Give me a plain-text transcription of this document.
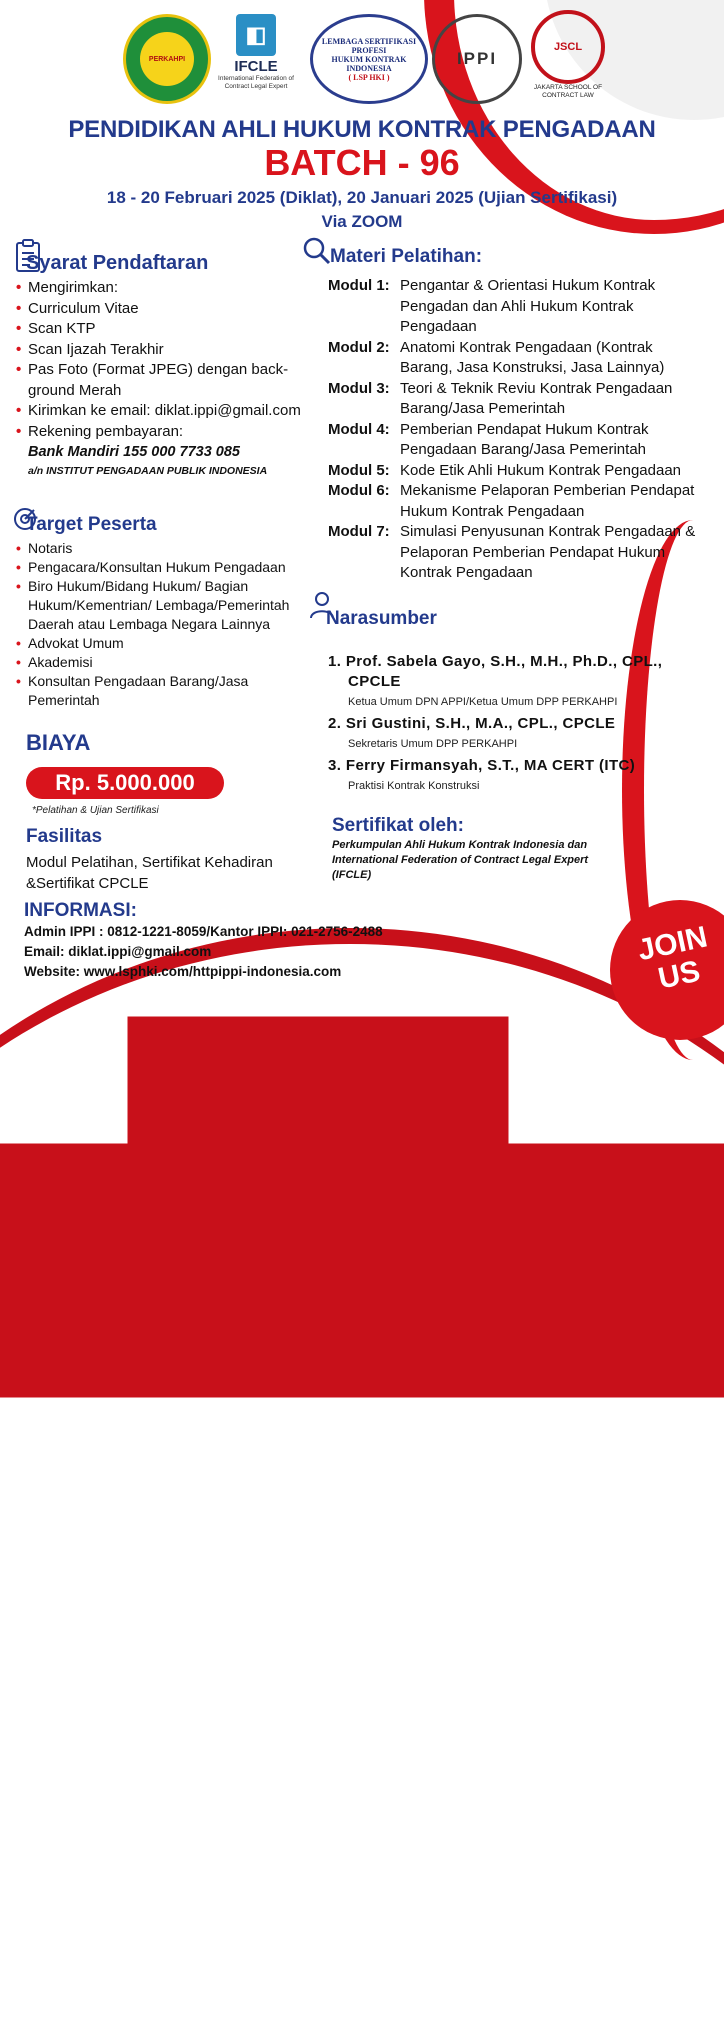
PERKAHPI
◧
IFCLE
International Federation of Contract Legal Expert
LEMBAGA SERTIFIKASI PROFESI
HUKUM KONTRAK INDONESIA
( LSP HKI )
IPPI
JSCL
JAKARTA SCHOOL OF CONTRACT LAW
PENDIDIKAN AHLI HUKUM KONTRAK PENGADAAN
BATCH - 96
18 - 20 Februari 2025 (Diklat), 20 Januari 2025 (Ujian Sertifikasi)
Via ZOOM
Syarat Pendaftaran
• Mengirimkan:
• Curriculum Vitae
• Scan KTP
• Scan Ijazah Terakhir
• Pas Foto (Format JPEG) dengan back-ground Merah
• Kirimkan ke email: diklat.ippi@gmail.com
• Rekening pembayaran:
Bank Mandiri 155 000 7733 085
a/n INSTITUT PENGADAAN PUBLIK INDONESIA
Target Peserta
• Notaris
• Pengacara/Konsultan Hukum Pengadaan
• Biro Hukum/Bidang Hukum/ Bagian Hukum/Kementrian/ Lembaga/Pemerintah Daerah atau Lembaga Negara Lainnya
• Advokat Umum
• Akademisi
• Konsultan Pengadaan Barang/Jasa Pemerintah
BIAYA
Rp. 5.000.000
*Pelatihan & Ujian Sertifikasi
Fasilitas
Modul Pelatihan, Sertifikat Kehadiran &Sertifikat CPCLE
Materi Pelatihan:
Modul 1: Pengantar & Orientasi Hukum Kontrak Pengadan dan Ahli Hukum Kontrak Pengadaan
Modul 2: Anatomi Kontrak Pengadaan (Kontrak Barang, Jasa Konstruksi, Jasa Lainnya)
Modul 3: Teori & Teknik Reviu Kontrak Pengadaan Barang/Jasa Pemerintah
Modul 4: Pemberian Pendapat Hukum Kontrak Pengadaan Barang/Jasa Pemerintah
Modul 5: Kode Etik Ahli Hukum Kontrak Pengadaan
Modul 6: Mekanisme Pelaporan Pemberian Pendapat Hukum Kontrak Pengadaan
Modul 7: Simulasi Penyusunan Kontrak Pengadaan & Pelaporan Pemberian Pendapat Hukum Kontrak Pengadaan
Narasumber
1. Prof. Sabela Gayo, S.H., M.H., Ph.D., CPL., CPCLE
Ketua Umum DPN APPI/Ketua Umum DPP PERKAHPI
2. Sri Gustini, S.H., M.A., CPL., CPCLE
Sekretaris Umum DPP PERKAHPI
3. Ferry Firmansyah, S.T., MA CERT (ITC)
Praktisi Kontrak Konstruksi
Sertifikat oleh:
Perkumpulan Ahli Hukum Kontrak Indonesia dan International Federation of Contract Legal Expert (IFCLE)
INFORMASI:
Admin IPPI : 0812-1221-8059/Kantor IPPI: 021-2756-2488
Email: diklat.ippi@gmail.com
Website: www.lsphki.com/httpippi-indonesia.com
JOIN US
